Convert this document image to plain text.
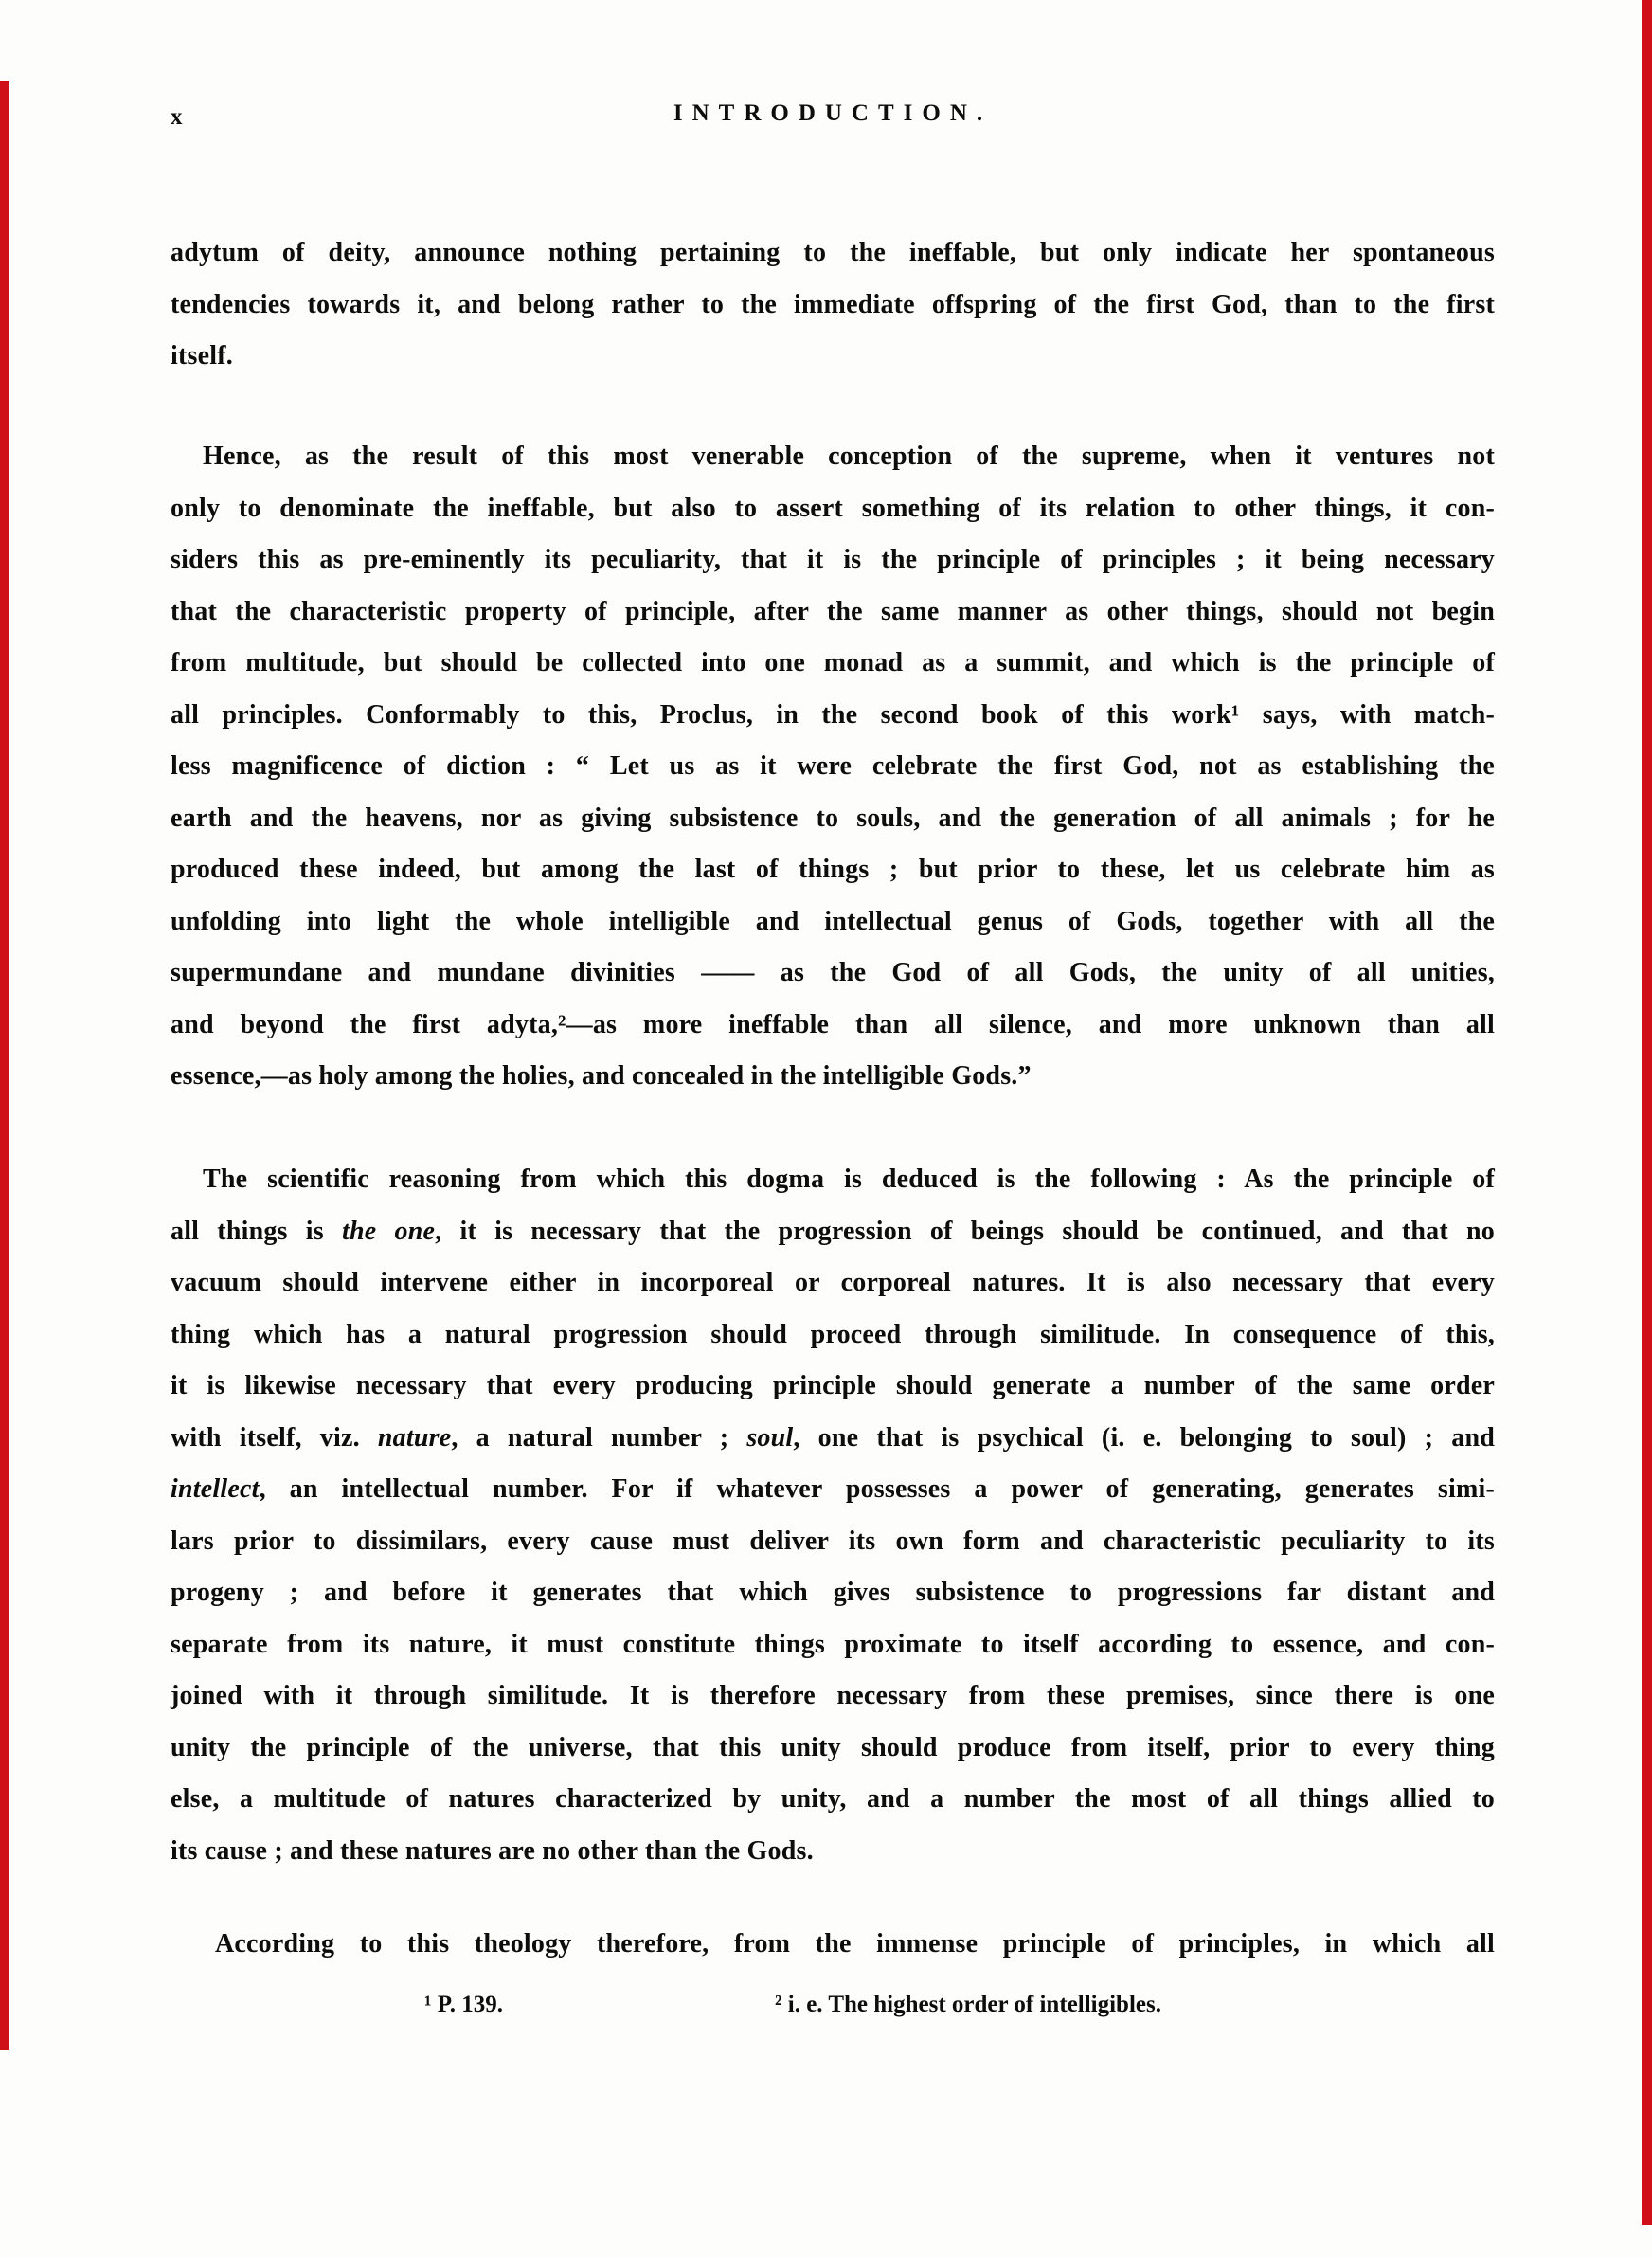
x	INTRODUCTION.
adytum of deity, announce nothing pertaining to the ineffable, but only indicate her spontaneous
tendencies towards it, and belong rather to the immediate offspring of the first God, than to the first
itself.
Hence, as the result of this most venerable conception of the supreme, when it ventures not
only to denominate the ineffable, but also to assert something of its relation to other things, it con-
siders this as pre-eminently its peculiarity, that it is the principle of principles ; it being necessary
that the characteristic property of principle, after the same manner as other things, should not begin
from multitude, but should be collected into one monad as a summit, and which is the principle of
all principles. Conformably to this, Proclus, in the second book of this work¹ says, with match-
less magnificence of diction : “ Let us as it were celebrate the first God, not as establishing the
earth and the heavens, nor as giving subsistence to souls, and the generation of all animals ; for he
produced these indeed, but among the last of things ; but prior to these, let us celebrate him as
unfolding into light the whole intelligible and intellectual genus of Gods, together with all the
supermundane and mundane divinities —— as the God of all Gods, the unity of all unities,
and beyond the first adyta,²—as more ineffable than all silence, and more unknown than all
essence,—as holy among the holies, and concealed in the intelligible Gods.”
The scientific reasoning from which this dogma is deduced is the following : As the principle of
all things is the one, it is necessary that the progression of beings should be continued, and that no
vacuum should intervene either in incorporeal or corporeal natures. It is also necessary that every
thing which has a natural progression should proceed through similitude. In consequence of this,
it is likewise necessary that every producing principle should generate a number of the same order
with itself, viz. nature, a natural number ; soul, one that is psychical (i. e. belonging to soul) ; and
intellect, an intellectual number. For if whatever possesses a power of generating, generates simi-
lars prior to dissimilars, every cause must deliver its own form and characteristic peculiarity to its
progeny ; and before it generates that which gives subsistence to progressions far distant and
separate from its nature, it must constitute things proximate to itself according to essence, and con-
joined with it through similitude. It is therefore necessary from these premises, since there is one
unity the principle of the universe, that this unity should produce from itself, prior to every thing
else, a multitude of natures characterized by unity, and a number the most of all things allied to
its cause ; and these natures are no other than the Gods.
According to this theology therefore, from the immense principle of principles, in which all
¹ P. 139.	² i. e. The highest order of intelligibles.
